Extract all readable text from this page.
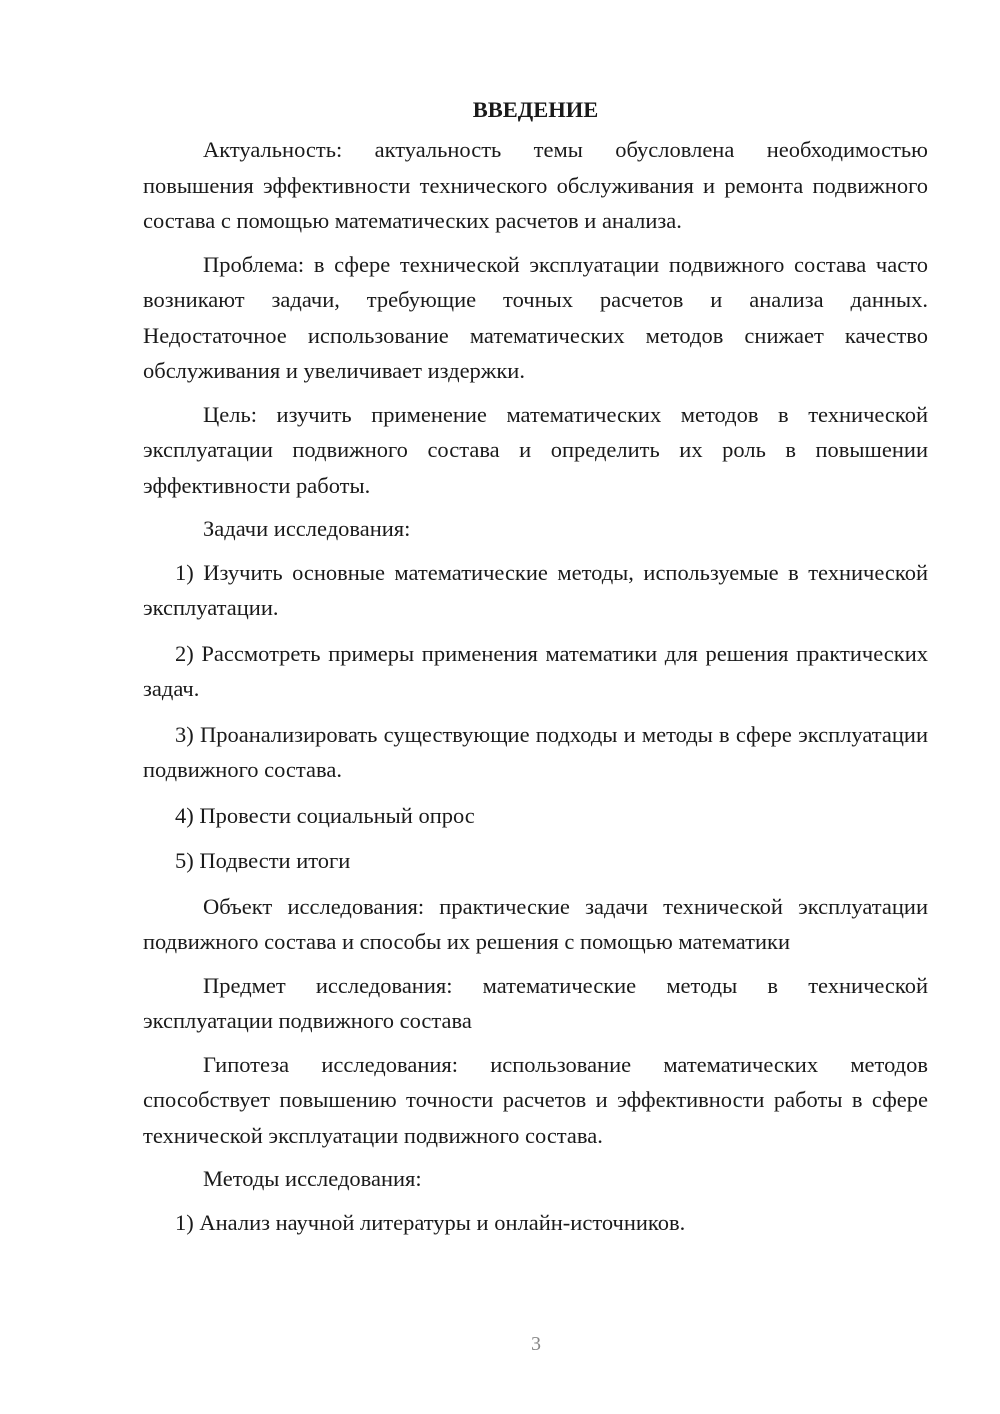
ВВЕДЕНИЕ

Актуальность: актуальность темы обусловлена необходимостью повышения эффективности технического обслуживания и ремонта подвижного состава с помощью математических расчетов и анализа.

Проблема: в сфере технической эксплуатации подвижного состава часто возникают задачи, требующие точных расчетов и анализа данных. Недостаточное использование математических методов снижает качество обслуживания и увеличивает издержки.

Цель: изучить применение математических методов в технической эксплуатации подвижного состава и определить их роль в повышении эффективности работы.

Задачи исследования:

1) Изучить основные математические методы, используемые в технической эксплуатации.

2) Рассмотреть примеры применения математики для решения практических задач.

3) Проанализировать существующие подходы и методы в сфере эксплуатации подвижного состава.

4) Провести социальный опрос

5) Подвести итоги

Объект исследования: практические задачи технической эксплуатации подвижного состава и способы их решения с помощью математики

Предмет исследования: математические методы в технической эксплуатации подвижного состава

Гипотеза исследования: использование математических методов способствует повышению точности расчетов и эффективности работы в сфере технической эксплуатации подвижного состава.

Методы исследования:

1) Анализ научной литературы и онлайн-источников.

3
